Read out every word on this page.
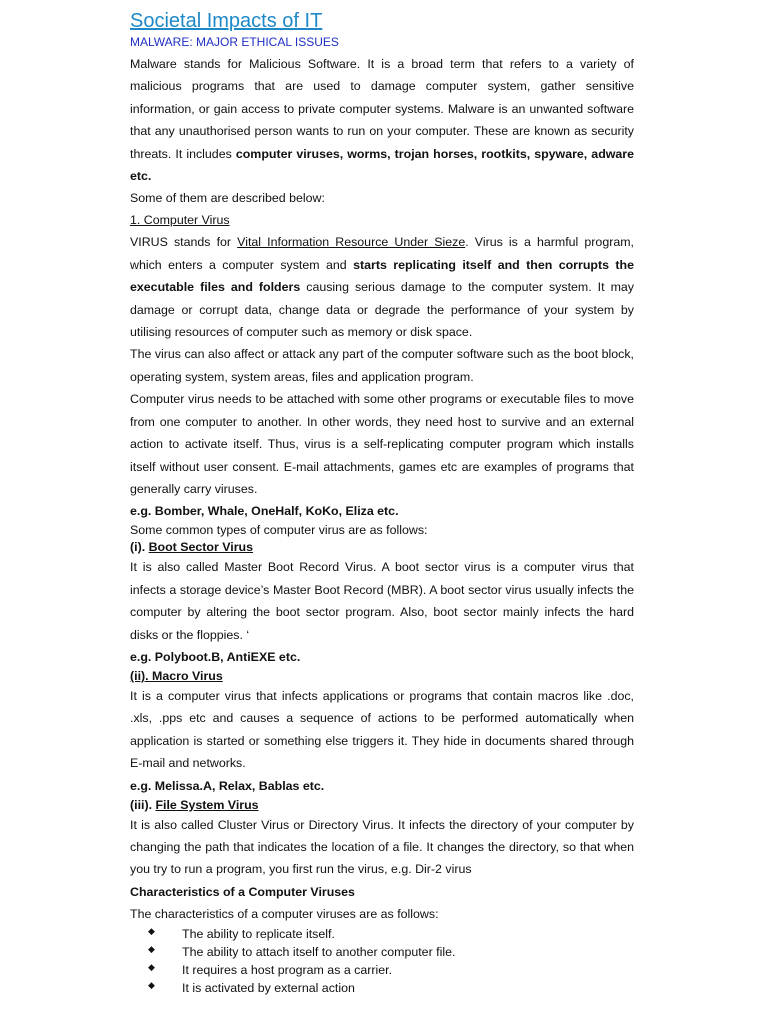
Societal Impacts of IT
MALWARE: MAJOR ETHICAL ISSUES

Malware stands for Malicious Software. It is a broad term that refers to a variety of malicious programs that are used to damage computer system, gather sensitive information, or gain access to private computer systems. Malware is an unwanted software that any unauthorised person wants to run on your computer. These are known as security threats. It includes computer viruses, worms, trojan horses, rootkits, spyware, adware etc.

Some of them are described below:

1. Computer Virus

VIRUS stands for Vital Information Resource Under Sieze. Virus is a harmful program, which enters a computer system and starts replicating itself and then corrupts the executable files and folders causing serious damage to the computer system. It may damage or corrupt data, change data or degrade the performance of your system by utilising resources of computer such as memory or disk space.

The virus can also affect or attack any part of the computer software such as the boot block, operating system, system areas, files and application program.

Computer virus needs to be attached with some other programs or executable files to move from one computer to another. In other words, they need host to survive and an external action to activate itself. Thus, virus is a self-replicating computer program which installs itself without user consent. E-mail attachments, games etc are examples of programs that generally carry viruses.

e.g. Bomber, Whale, OneHalf, KoKo, Eliza etc.

Some common types of computer virus are as follows:

(i). Boot Sector Virus

It is also called Master Boot Record Virus. A boot sector virus is a computer virus that infects a storage device’s Master Boot Record (MBR). A boot sector virus usually infects the computer by altering the boot sector program. Also, boot sector mainly infects the hard disks or the floppies. ‘

e.g. Polyboot.B, AntiEXE etc.

(ii). Macro Virus

It is a computer virus that infects applications or programs that contain macros like .doc, .xls, .pps etc and causes a sequence of actions to be performed automatically when application is started or something else triggers it. They hide in documents shared through E-mail and networks.

e.g. Melissa.A, Relax, Bablas etc.

(iii). File System Virus

It is also called Cluster Virus or Directory Virus. It infects the directory of your computer by changing the path that indicates the location of a file. It changes the directory, so that when you try to run a program, you first run the virus, e.g. Dir-2 virus

Characteristics of a Computer Viruses

The characteristics of a computer viruses are as follows:

◆ The ability to replicate itself.
◆ The ability to attach itself to another computer file.
◆ It requires a host program as a carrier.
◆ It is activated by external action
